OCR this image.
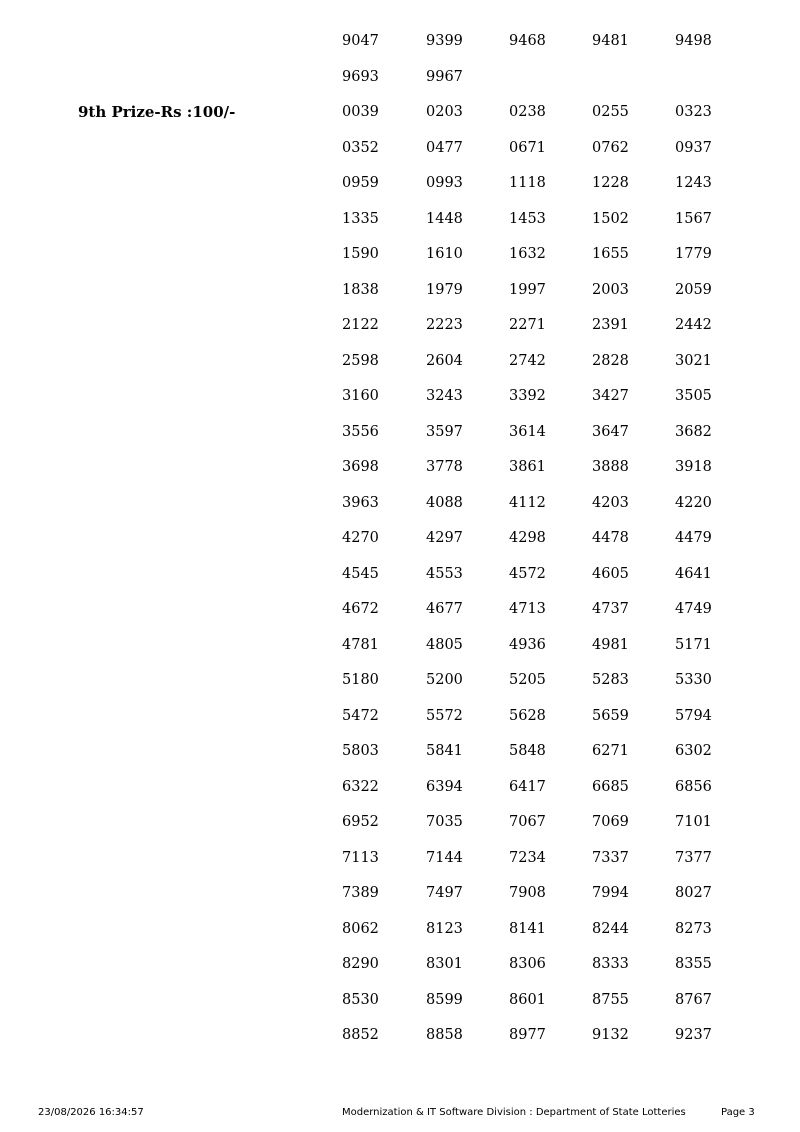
9047	9399	9468	9481	9498
9693	9967
9th Prize-Rs :100/-	0039	0203	0238	0255	0323
0352	0477	0671	0762	0937
0959	0993	1118	1228	1243
1335	1448	1453	1502	1567
1590	1610	1632	1655	1779
1838	1979	1997	2003	2059
2122	2223	2271	2391	2442
2598	2604	2742	2828	3021
3160	3243	3392	3427	3505
3556	3597	3614	3647	3682
3698	3778	3861	3888	3918
3963	4088	4112	4203	4220
4270	4297	4298	4478	4479
4545	4553	4572	4605	4641
4672	4677	4713	4737	4749
4781	4805	4936	4981	5171
5180	5200	5205	5283	5330
5472	5572	5628	5659	5794
5803	5841	5848	6271	6302
6322	6394	6417	6685	6856
6952	7035	7067	7069	7101
7113	7144	7234	7337	7377
7389	7497	7908	7994	8027
8062	8123	8141	8244	8273
8290	8301	8306	8333	8355
8530	8599	8601	8755	8767
8852	8858	8977	9132	9237
23/08/2026 16:34:57	Modernization & IT Software Division : Department of State Lotteries	Page 3
